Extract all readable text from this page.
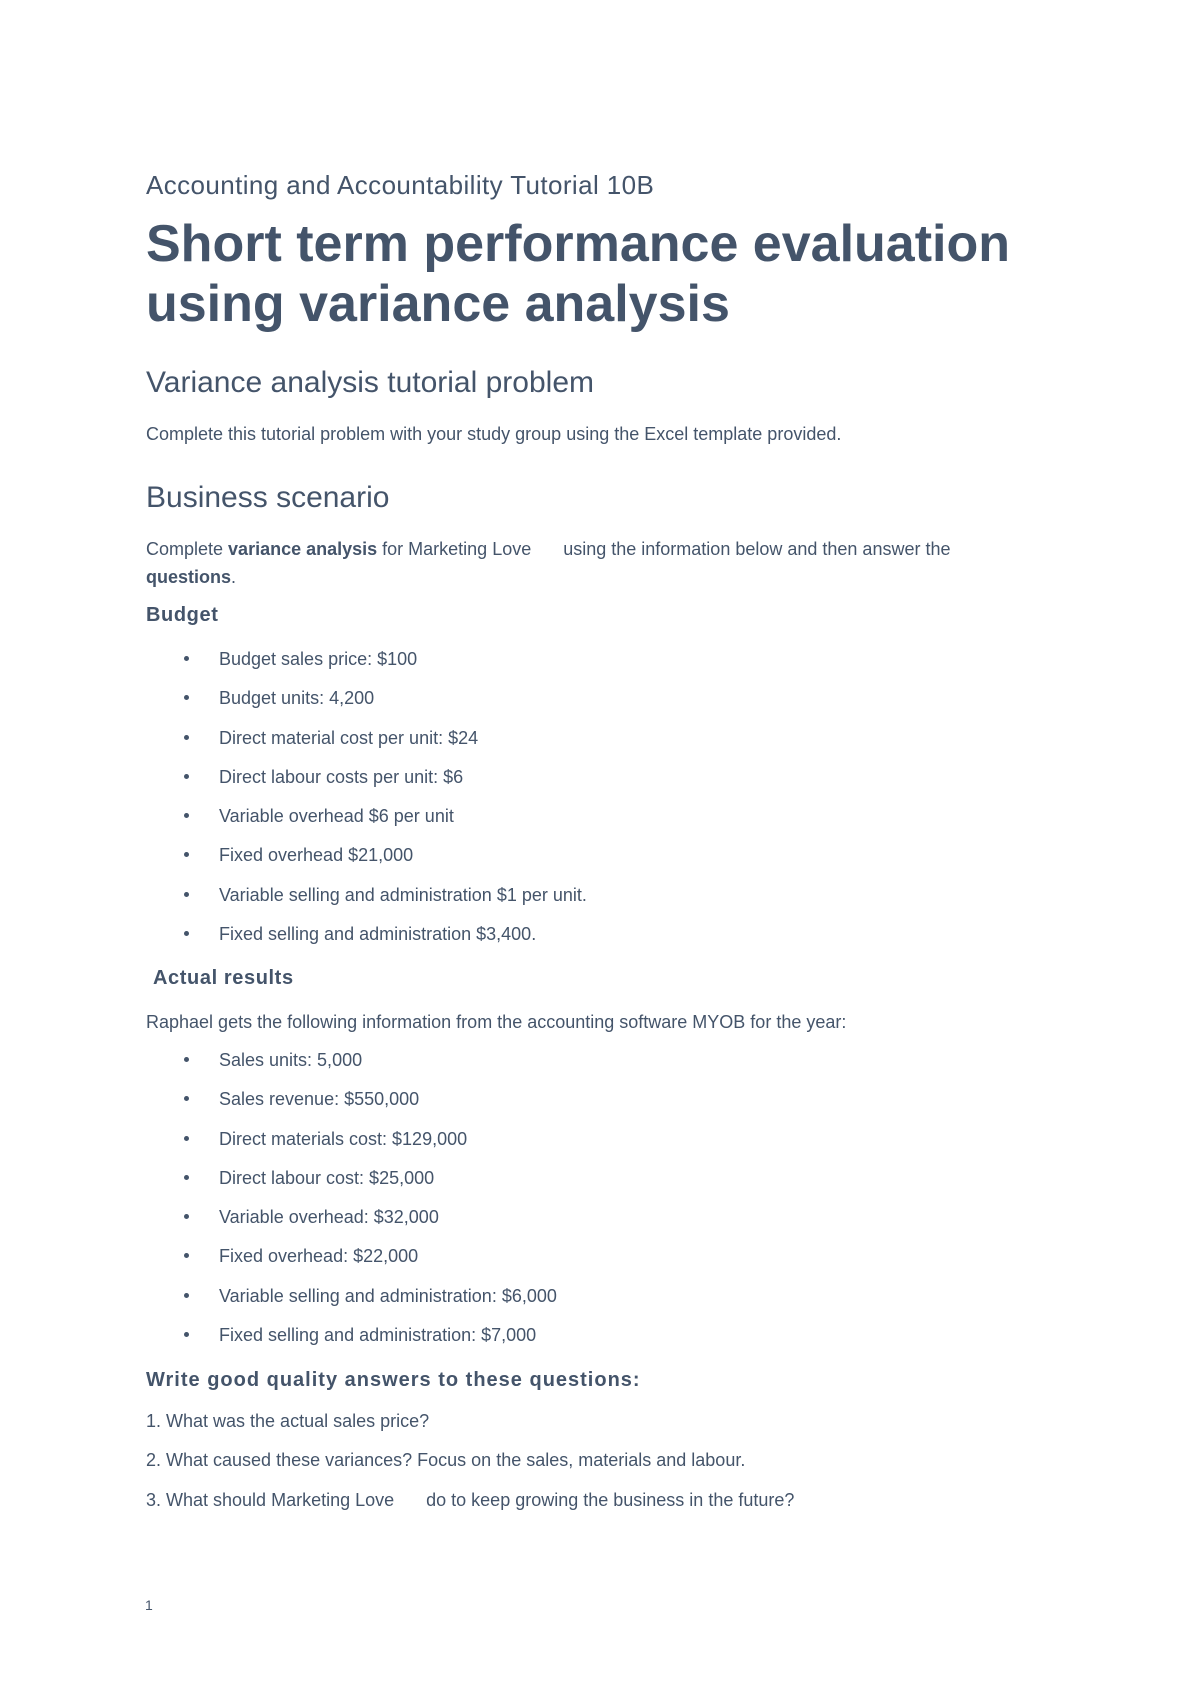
Accounting and Accountability Tutorial 10B
Short term performance evaluation using variance analysis
Variance analysis tutorial problem

Complete this tutorial problem with your study group using the Excel template provided.

Business scenario

Complete variance analysis for Marketing Love using the information below and then answer the
questions.

Budget
Budget sales price: $100
Budget units: 4,200
Direct material cost per unit: $24
Direct labour costs per unit: $6
Variable overhead $6 per unit
Fixed overhead $21,000
Variable selling and administration $1 per unit.
Fixed selling and administration $3,400.
Actual results

Raphael gets the following information from the accounting software MYOB for the year:

Sales units: 5,000
Sales revenue: $550,000
Direct materials cost: $129,000
Direct labour cost: $25,000
Variable overhead: $32,000
Fixed overhead: $22,000
Variable selling and administration: $6,000
Fixed selling and administration: $7,000
Write good quality answers to these questions:

1. What was the actual sales price?

2. What caused these variances? Focus on the sales, materials and labour.

3. What should Marketing Love do to keep growing the business in the future?

1
